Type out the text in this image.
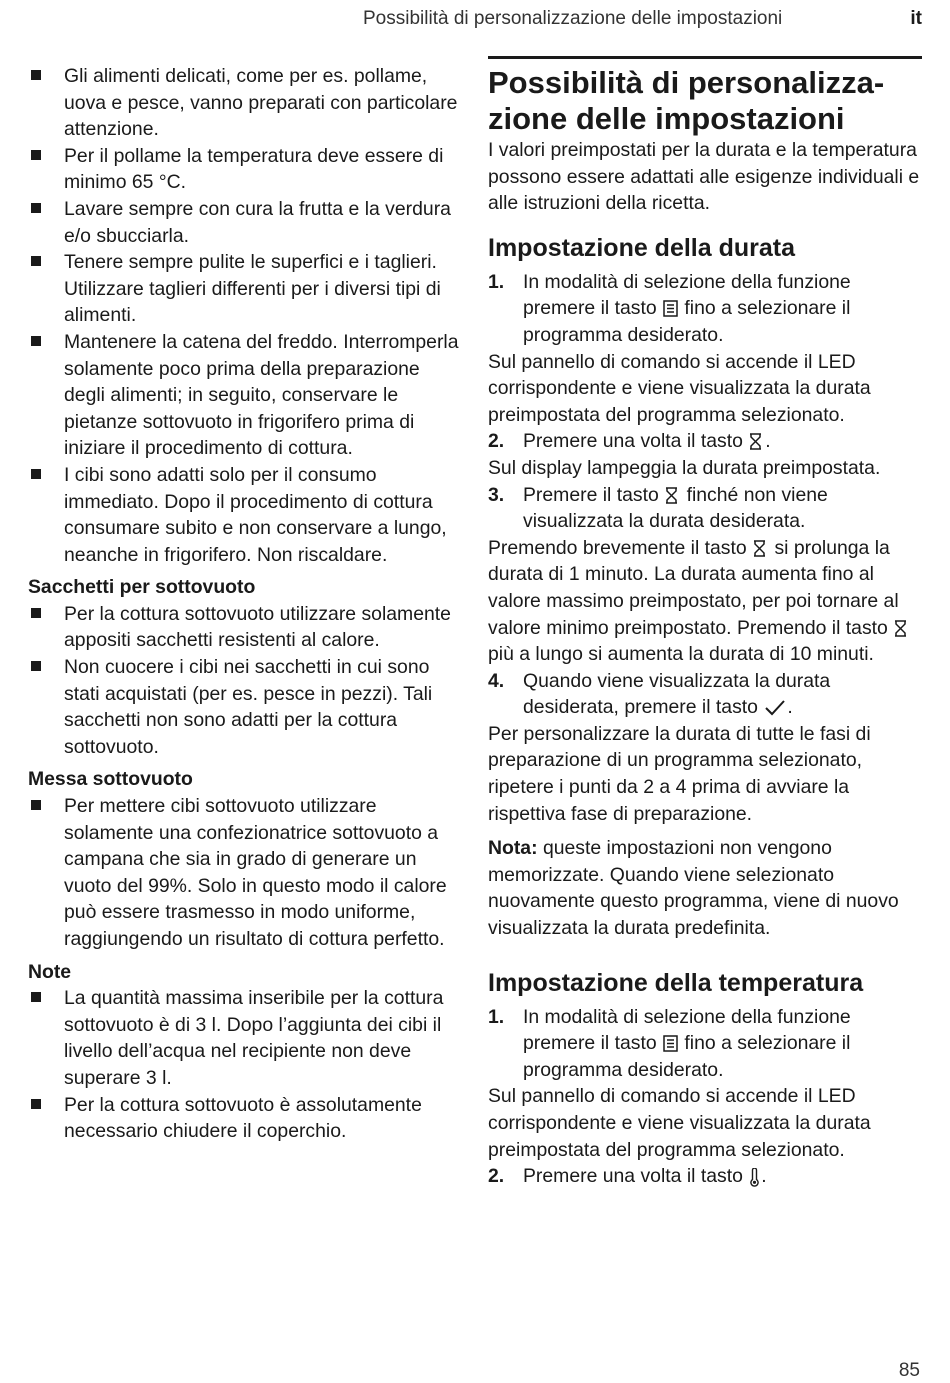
Possibilità di personalizzazione delle impostazioni	it
Gli alimenti delicati, come per es. pollame, uova e pesce, vanno preparati con particolare attenzione.
Per il pollame la temperatura deve essere di minimo 65 °C.
Lavare sempre con cura la frutta e la verdura e/o sbucciarla.
Tenere sempre pulite le superfici e i taglieri. Utilizzare taglieri differenti per i diversi tipi di alimenti.
Mantenere la catena del freddo. Interromperla solamente poco prima della preparazione degli alimenti; in seguito, conservare le pietanze sottovuoto in frigorifero prima di iniziare il procedimento di cottura.
I cibi sono adatti solo per il consumo immediato. Dopo il procedimento di cottura consumare subito e non conservare a lungo, neanche in frigorifero. Non riscaldare.
Sacchetti per sottovuoto
Per la cottura sottovuoto utilizzare solamente appositi sacchetti resistenti al calore.
Non cuocere i cibi nei sacchetti in cui sono stati acquistati (per es. pesce in pezzi). Tali sacchetti non sono adatti per la cottura sottovuoto.
Messa sottovuoto
Per mettere cibi sottovuoto utilizzare solamente una confezionatrice sottovuoto a campana che sia in grado di generare un vuoto del 99%. Solo in questo modo il calore può essere trasmesso in modo uniforme, raggiungendo un risultato di cottura perfetto.
Note
La quantità massima inseribile per la cottura sottovuoto è di 3 l. Dopo l’aggiunta dei cibi il livello dell’acqua nel recipiente non deve superare 3 l.
Per la cottura sottovuoto è assolutamente necessario chiudere il coperchio.
Possibilità di personalizza-
zione delle impostazioni

I valori preimpostati per la durata e la temperatura possono essere adattati alle esigenze individuali e alle istruzioni della ricetta.

Impostazione della durata
1. In modalità di selezione della funzione premere il tasto fino a selezionare il programma desiderato.

Sul pannello di comando si accende il LED corrispondente e viene visualizzata la durata preimpostata del programma selezionato.

2. Premere una volta il tasto .

Sul display lampeggia la durata preimpostata.

3. Premere il tasto finché non viene visualizzata la durata desiderata.

Premendo brevemente il tasto si prolunga la durata di 1 minuto. La durata aumenta fino al valore massimo preimpostato, per poi tornare al valore minimo preimpostato. Premendo il tasto
più a lungo si aumenta la durata di 10 minuti.

4. Quando viene visualizzata la durata desiderata, premere il tasto .

Per personalizzare la durata di tutte le fasi di preparazione di un programma selezionato, ripetere i punti da 2 a 4 prima di avviare la rispettiva fase di preparazione.

Nota: queste impostazioni non vengono memorizzate. Quando viene selezionato nuovamente questo programma, viene di nuovo visualizzata la durata predefinita.

Impostazione della temperatura
1. In modalità di selezione della funzione premere il tasto fino a selezionare il programma desiderato.

Sul pannello di comando si accende il LED corrispondente e viene visualizzata la durata preimpostata del programma selezionato.

2. Premere una volta il tasto .
85
